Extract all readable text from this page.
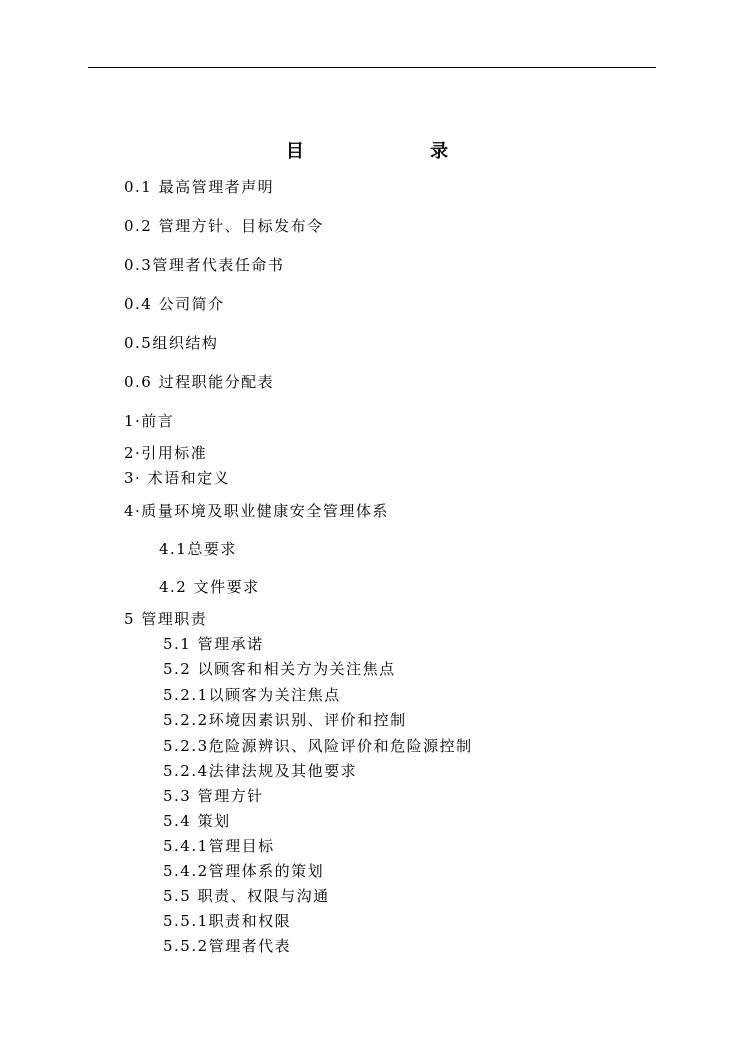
目 录
0.1 最高管理者声明
0.2 管理方针、目标发布令
0.3管理者代表任命书
0.4 公司简介
0.5组织结构
0.6 过程职能分配表
1·前言
2·引用标准
3· 术语和定义
4·质量环境及职业健康安全管理体系
4.1总要求
4.2 文件要求
5 管理职责
5.1 管理承诺
5.2 以顾客和相关方为关注焦点
5.2.1以顾客为关注焦点
5.2.2环境因素识别、评价和控制
5.2.3危险源辨识、风险评价和危险源控制
5.2.4法律法规及其他要求
5.3 管理方针
5.4 策划
5.4.1管理目标
5.4.2管理体系的策划
5.5 职责、权限与沟通
5.5.1职责和权限
5.5.2管理者代表
